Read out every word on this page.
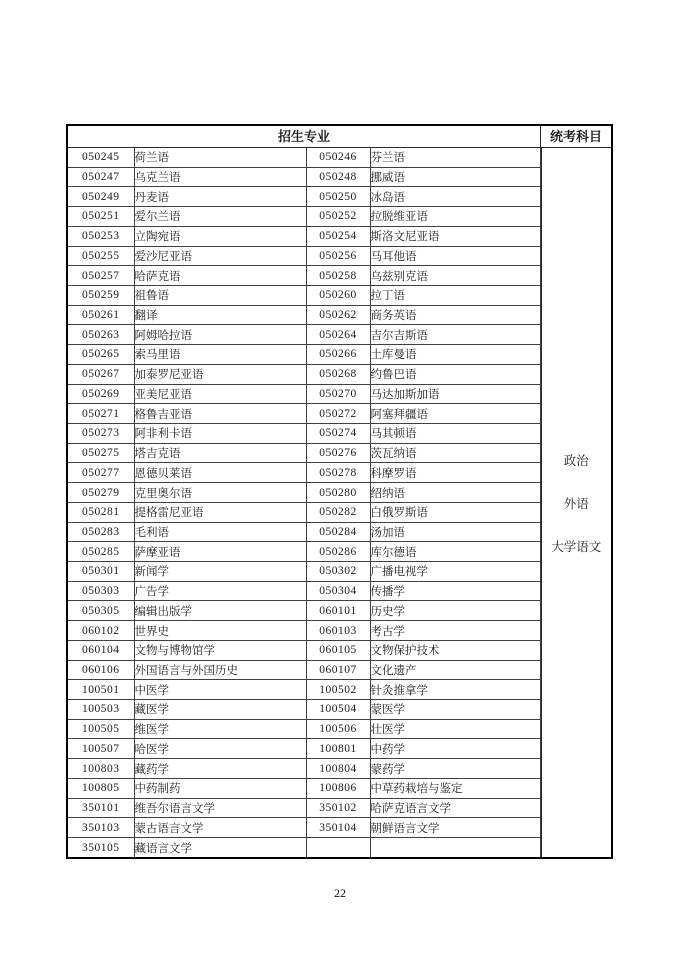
招生专业	统考科目
050245	荷兰语	050246	芬兰语
050247	乌克兰语	050248	挪威语
050249	丹麦语	050250	冰岛语
050251	爱尔兰语	050252	拉脱维亚语
050253	立陶宛语	050254	斯洛文尼亚语
050255	爱沙尼亚语	050256	马耳他语
050257	哈萨克语	050258	乌兹别克语
050259	祖鲁语	050260	拉丁语
050261	翻译	050262	商务英语
050263	阿姆哈拉语	050264	吉尔吉斯语
050265	索马里语	050266	土库曼语
050267	加泰罗尼亚语	050268	约鲁巴语
050269	亚美尼亚语	050270	马达加斯加语
050271	格鲁吉亚语	050272	阿塞拜疆语
050273	阿非利卡语	050274	马其顿语
050275	塔吉克语	050276	茨瓦纳语
050277	恩德贝莱语	050278	科摩罗语
050279	克里奥尔语	050280	绍纳语
050281	提格雷尼亚语	050282	白俄罗斯语
050283	毛利语	050284	汤加语
050285	萨摩亚语	050286	库尔德语
050301	新闻学	050302	广播电视学
050303	广告学	050304	传播学
050305	编辑出版学	060101	历史学
060102	世界史	060103	考古学
060104	文物与博物馆学	060105	文物保护技术
060106	外国语言与外国历史	060107	文化遗产
100501	中医学	100502	针灸推拿学
100503	藏医学	100504	蒙医学
100505	维医学	100506	壮医学
100507	哈医学	100801	中药学
100803	藏药学	100804	蒙药学
100805	中药制药	100806	中草药栽培与鉴定
350101	维吾尔语言文学	350102	哈萨克语言文学
350103	蒙古语言文学	350104	朝鲜语言文学
350105	藏语言文学		
政治
外语
大学语文
22
